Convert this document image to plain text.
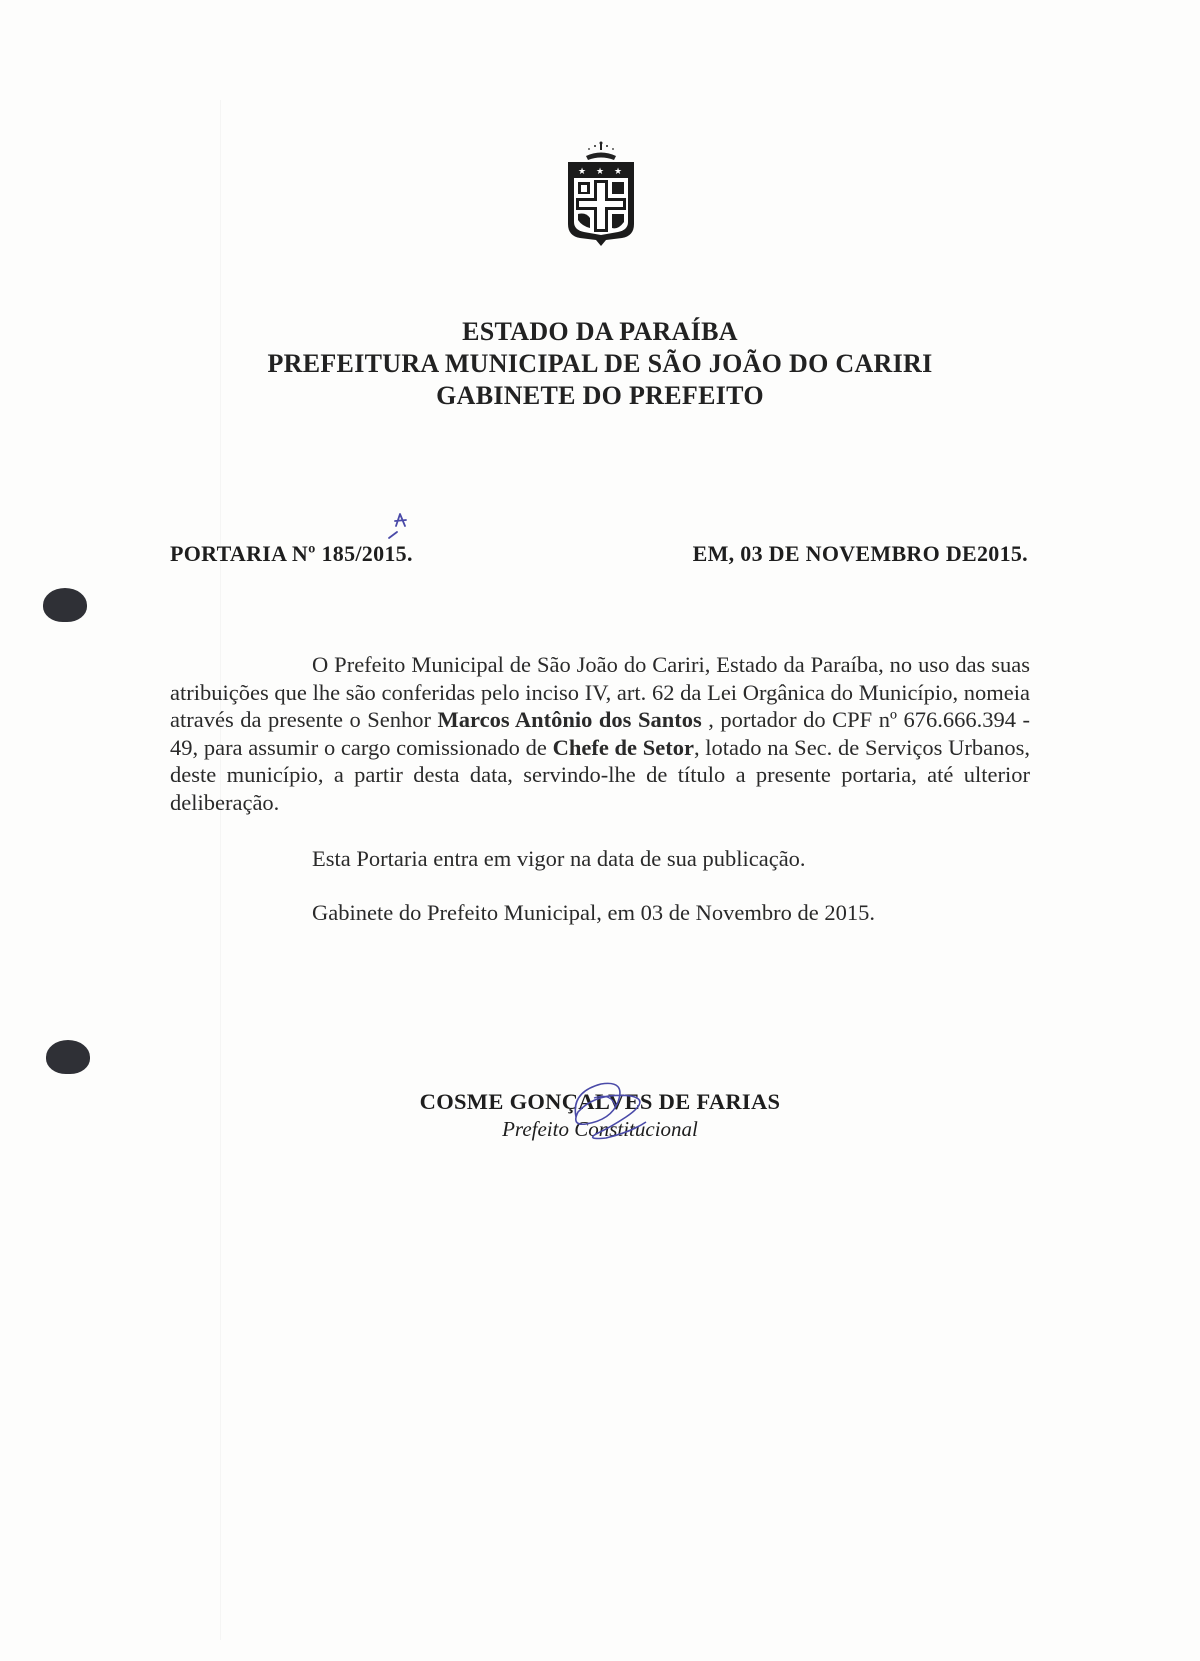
★ ★ ★
ESTADO DA PARAÍBA
PREFEITURA MUNICIPAL DE SÃO JOÃO DO CARIRI
GABINETE DO PREFEITO
PORTARIA Nº 185/2015.	EM, 03 DE NOVEMBRO DE2015.
O Prefeito Municipal de São João do Cariri, Estado da Paraíba, no uso das suas atribuições que lhe são conferidas pelo inciso IV, art. 62 da Lei Orgânica do Município, nomeia através da presente o Senhor Marcos Antônio dos Santos , portador do CPF nº 676.666.394 - 49, para assumir o cargo comissionado de Chefe de Setor, lotado na Sec. de Serviços Urbanos, deste município, a partir desta data, servindo-lhe de título a presente portaria, até ulterior deliberação.
Esta Portaria entra em vigor na data de sua publicação.
Gabinete do Prefeito Municipal, em 03 de Novembro de 2015.
COSME GONÇALVES DE FARIAS
Prefeito Constitucional
